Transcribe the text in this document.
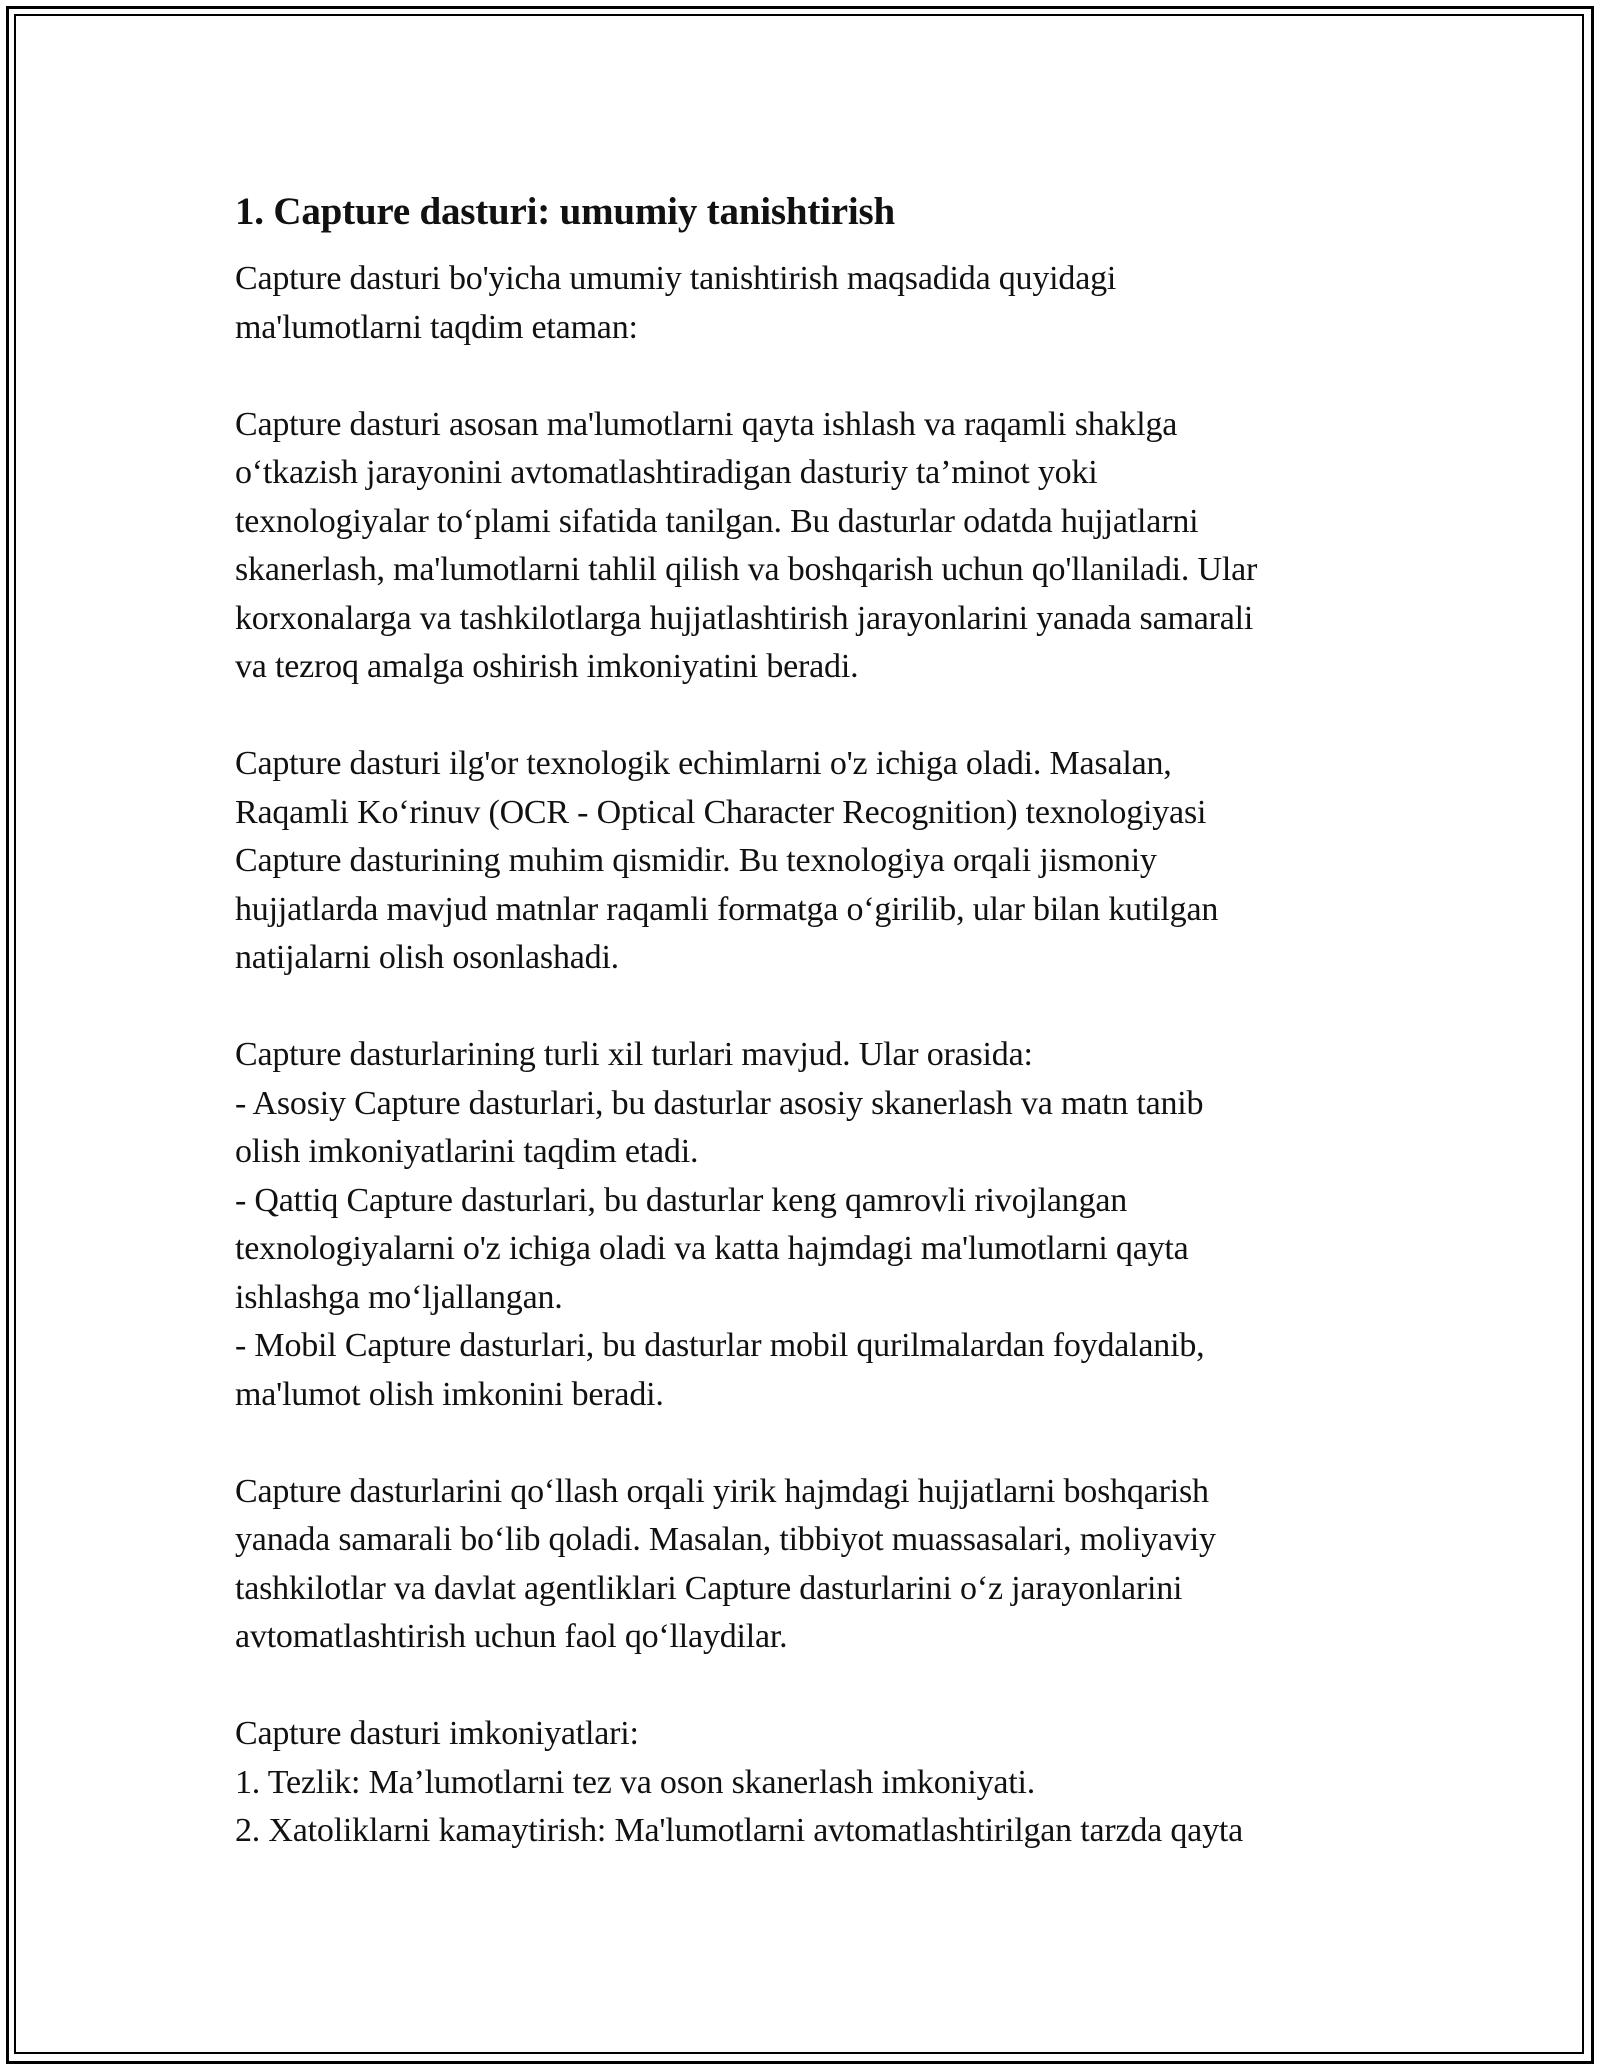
1. Capture dasturi: umumiy tanishtirish

Capture dasturi bo'yicha umumiy tanishtirish maqsadida quyidagi
ma'lumotlarni taqdim etaman:

Capture dasturi asosan ma'lumotlarni qayta ishlash va raqamli shaklga
o‘tkazish jarayonini avtomatlashtiradigan dasturiy ta’minot yoki
texnologiyalar to‘plami sifatida tanilgan. Bu dasturlar odatda hujjatlarni
skanerlash, ma'lumotlarni tahlil qilish va boshqarish uchun qo'llaniladi. Ular
korxonalarga va tashkilotlarga hujjatlashtirish jarayonlarini yanada samarali
va tezroq amalga oshirish imkoniyatini beradi.

Capture dasturi ilg'or texnologik echimlarni o'z ichiga oladi. Masalan,
Raqamli Ko‘rinuv (OCR - Optical Character Recognition) texnologiyasi
Capture dasturining muhim qismidir. Bu texnologiya orqali jismoniy
hujjatlarda mavjud matnlar raqamli formatga o‘girilib, ular bilan kutilgan
natijalarni olish osonlashadi.

Capture dasturlarining turli xil turlari mavjud. Ular orasida:
- Asosiy Capture dasturlari, bu dasturlar asosiy skanerlash va matn tanib
olish imkoniyatlarini taqdim etadi.
- Qattiq Capture dasturlari, bu dasturlar keng qamrovli rivojlangan
texnologiyalarni o'z ichiga oladi va katta hajmdagi ma'lumotlarni qayta
ishlashga mo‘ljallangan.
- Mobil Capture dasturlari, bu dasturlar mobil qurilmalardan foydalanib,
ma'lumot olish imkonini beradi.

Capture dasturlarini qo‘llash orqali yirik hajmdagi hujjatlarni boshqarish
yanada samarali bo‘lib qoladi. Masalan, tibbiyot muassasalari, moliyaviy
tashkilotlar va davlat agentliklari Capture dasturlarini o‘z jarayonlarini
avtomatlashtirish uchun faol qo‘llaydilar.

Capture dasturi imkoniyatlari:
1. Tezlik: Ma’lumotlarni tez va oson skanerlash imkoniyati.
2. Xatoliklarni kamaytirish: Ma'lumotlarni avtomatlashtirilgan tarzda qayta
